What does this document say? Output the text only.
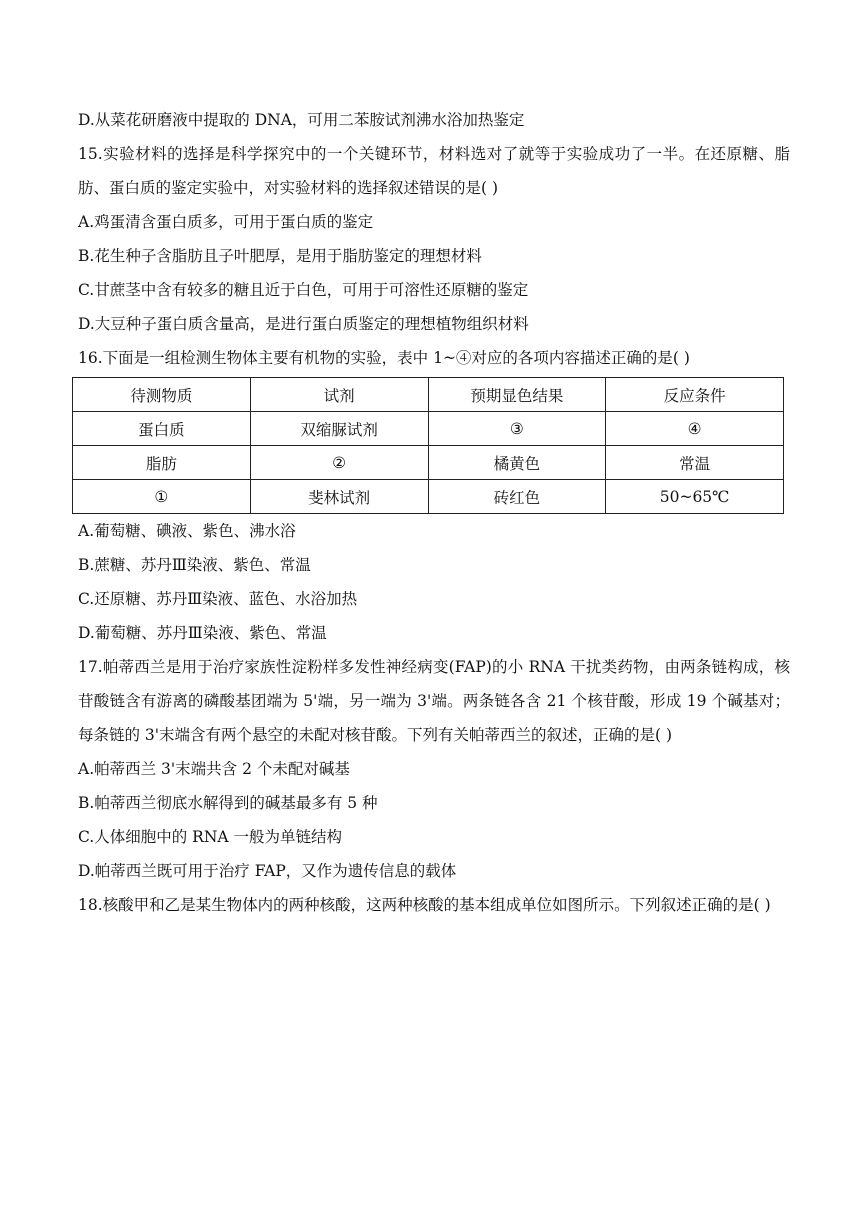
D.从菜花研磨液中提取的 DNA，可用二苯胺试剂沸水浴加热鉴定
15.实验材料的选择是科学探究中的一个关键环节，材料选对了就等于实验成功了一半。在还原糖、脂肪、蛋白质的鉴定实验中，对实验材料的选择叙述错误的是( )
A.鸡蛋清含蛋白质多，可用于蛋白质的鉴定
B.花生种子含脂肪且子叶肥厚，是用于脂肪鉴定的理想材料
C.甘蔗茎中含有较多的糖且近于白色，可用于可溶性还原糖的鉴定
D.大豆种子蛋白质含量高，是进行蛋白质鉴定的理想植物组织材料
16.下面是一组检测生物体主要有机物的实验，表中 1~④对应的各项内容描述正确的是( )
待测物质	试剂	预期显色结果	反应条件
蛋白质	双缩脲试剂	③	④
脂肪	②	橘黄色	常温
①	斐林试剂	砖红色	50~65℃
A.葡萄糖、碘液、紫色、沸水浴
B.蔗糖、苏丹Ⅲ染液、紫色、常温
C.还原糖、苏丹Ⅲ染液、蓝色、水浴加热
D.葡萄糖、苏丹Ⅲ染液、紫色、常温
17.帕蒂西兰是用于治疗家族性淀粉样多发性神经病变(FAP)的小 RNA 干扰类药物，由两条链构成，核苷酸链含有游离的磷酸基团端为 5'端，另一端为 3'端。两条链各含 21 个核苷酸，形成 19 个碱基对；每条链的 3'末端含有两个悬空的未配对核苷酸。下列有关帕蒂西兰的叙述，正确的是( )
A.帕蒂西兰 3'末端共含 2 个未配对碱基
B.帕蒂西兰彻底水解得到的碱基最多有 5 种
C.人体细胞中的 RNA 一般为单链结构
D.帕蒂西兰既可用于治疗 FAP，又作为遗传信息的载体
18.核酸甲和乙是某生物体内的两种核酸，这两种核酸的基本组成单位如图所示。下列叙述正确的是( )
